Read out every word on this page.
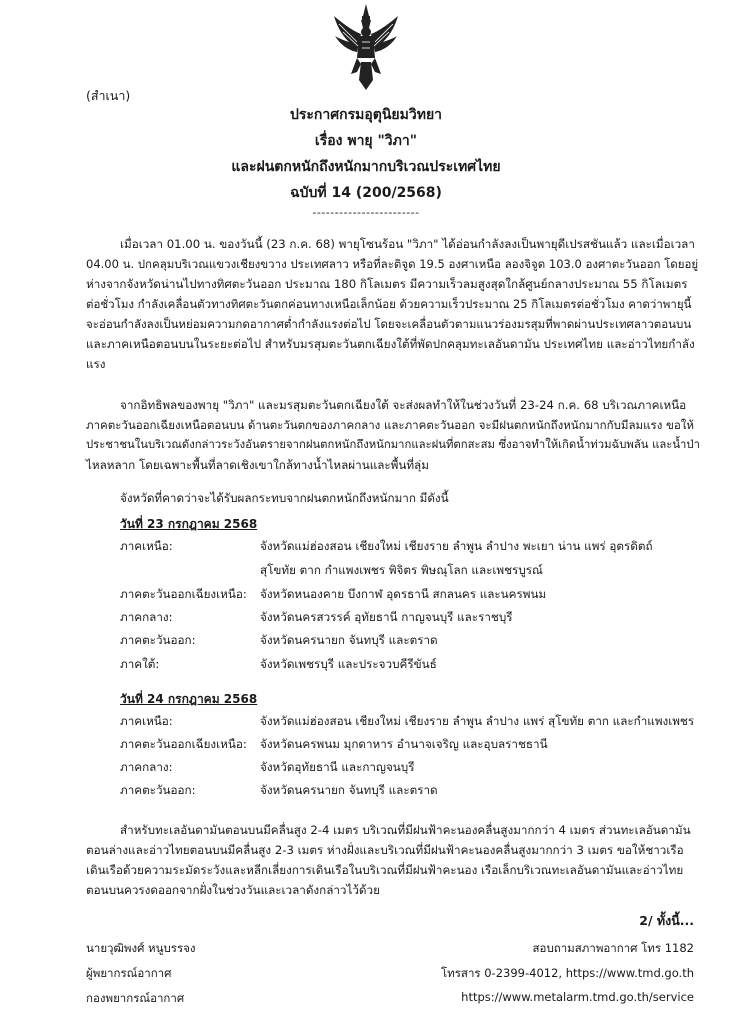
(สำเนา)
ประกาศกรมอุตุนิยมวิทยา
เรื่อง พายุ "วิภา"
และฝนตกหนักถึงหนักมากบริเวณประเทศไทย
ฉบับที่ 14 (200/2568)
------------------------
เมื่อเวลา 01.00 น. ของวันนี้ (23 ก.ค. 68) พายุโซนร้อน "วิภา" ได้อ่อนกำลังลงเป็นพายุดีเปรสชันแล้ว และเมื่อเวลา
04.00 น. ปกคลุมบริเวณแขวงเชียงขวาง ประเทศลาว หรือที่ละติจูด 19.5 องศาเหนือ ลองจิจูด 103.0 องศาตะวันออก โดยอยู่
ห่างจากจังหวัดน่านไปทางทิศตะวันออก ประมาณ 180 กิโลเมตร มีความเร็วลมสูงสุดใกล้ศูนย์กลางประมาณ 55 กิโลเมตร
ต่อชั่วโมง กำลังเคลื่อนตัวทางทิศตะวันตกค่อนทางเหนือเล็กน้อย ด้วยความเร็วประมาณ 25 กิโลเมตรต่อชั่วโมง คาดว่าพายุนี้
จะอ่อนกำลังลงเป็นหย่อมความกดอากาศต่ำกำลังแรงต่อไป โดยจะเคลื่อนตัวตามแนวร่องมรสุมที่พาดผ่านประเทศลาวตอนบน
และภาคเหนือตอนบนในระยะต่อไป สำหรับมรสุมตะวันตกเฉียงใต้ที่พัดปกคลุมทะเลอันดามัน ประเทศไทย และอ่าวไทยกำลัง
แรง
จากอิทธิพลของพายุ "วิภา" และมรสุมตะวันตกเฉียงใต้ จะส่งผลทำให้ในช่วงวันที่ 23-24 ก.ค. 68 บริเวณภาคเหนือ
ภาคตะวันออกเฉียงเหนือตอนบน ด้านตะวันตกของภาคกลาง และภาคตะวันออก จะมีฝนตกหนักถึงหนักมากกับมีลมแรง ขอให้
ประชาชนในบริเวณดังกล่าวระวังอันตรายจากฝนตกหนักถึงหนักมากและฝนที่ตกสะสม ซึ่งอาจทำให้เกิดน้ำท่วมฉับพลัน และน้ำป่า
ไหลหลาก โดยเฉพาะพื้นที่ลาดเชิงเขาใกล้ทางน้ำไหลผ่านและพื้นที่ลุ่ม
จังหวัดที่คาดว่าจะได้รับผลกระทบจากฝนตกหนักถึงหนักมาก มีดังนี้
วันที่ 23 กรกฎาคม 2568
ภาคเหนือ:	จังหวัดแม่ฮ่องสอน เชียงใหม่ เชียงราย ลำพูน ลำปาง พะเยา น่าน แพร่ อุตรดิตถ์
สุโขทัย ตาก กำแพงเพชร พิจิตร พิษณุโลก และเพชรบูรณ์
ภาคตะวันออกเฉียงเหนือ: จังหวัดหนองคาย บึงกาฬ อุดรธานี สกลนคร และนครพนม
ภาคกลาง:	จังหวัดนครสวรรค์ อุทัยธานี กาญจนบุรี และราชบุรี
ภาคตะวันออก:	จังหวัดนครนายก จันทบุรี และตราด
ภาคใต้:	จังหวัดเพชรบุรี และประจวบคีรีขันธ์
วันที่ 24 กรกฎาคม 2568
ภาคเหนือ:	จังหวัดแม่ฮ่องสอน เชียงใหม่ เชียงราย ลำพูน ลำปาง แพร่ สุโขทัย ตาก และกำแพงเพชร
ภาคตะวันออกเฉียงเหนือ: จังหวัดนครพนม มุกดาหาร อำนาจเจริญ และอุบลราชธานี
ภาคกลาง:	จังหวัดอุทัยธานี และกาญจนบุรี
ภาคตะวันออก:	จังหวัดนครนายก จันทบุรี และตราด
สำหรับทะเลอันดามันตอนบนมีคลื่นสูง 2-4 เมตร บริเวณที่มีฝนฟ้าคะนองคลื่นสูงมากกว่า 4 เมตร ส่วนทะเลอันดามัน
ตอนล่างและอ่าวไทยตอนบนมีคลื่นสูง 2-3 เมตร ห่างฝั่งและบริเวณที่มีฝนฟ้าคะนองคลื่นสูงมากกว่า 3 เมตร ขอให้ชาวเรือ
เดินเรือด้วยความระมัดระวังและหลีกเลี่ยงการเดินเรือในบริเวณที่มีฝนฟ้าคะนอง เรือเล็กบริเวณทะเลอันดามันและอ่าวไทย
ตอนบนควรงดออกจากฝั่งในช่วงวันและเวลาดังกล่าวไว้ด้วย
2/ ทั้งนี้...
นายวุฒิพงศ์ หนูบรรจง
ผู้พยากรณ์อากาศ
กองพยากรณ์อากาศ
สอบถามสภาพอากาศ โทร 1182
โทรสาร 0-2399-4012, https://www.tmd.go.th
https://www.metalarm.tmd.go.th/service
